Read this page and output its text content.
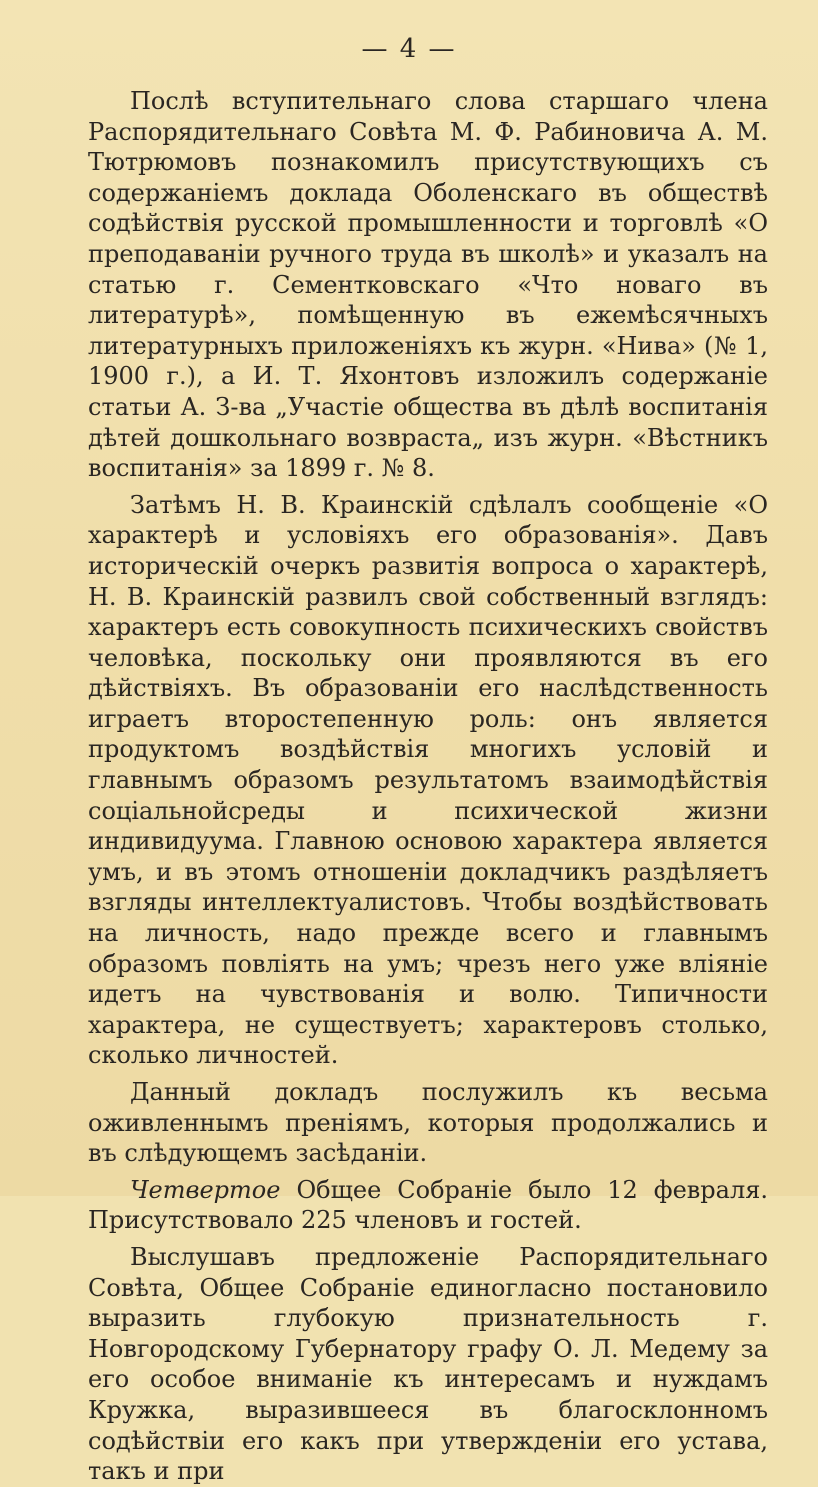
— 4 —

Послѣ вступительнаго слова старшаго члена Распорядительнаго Совѣта М. Ф. Рабиновича А. М. Тютрюмовъ познакомилъ присутствующихъ съ содержаніемъ доклада Оболенскаго въ обществѣ содѣйствія русской промышленности и торговлѣ «О преподаваніи ручного труда въ школѣ» и указалъ на статью г. Сементковскаго «Что новаго въ литературѣ», помѣщенную въ ежемѣсячныхъ литературныхъ приложеніяхъ къ журн. «Нива» (№ 1, 1900 г.), а И. Т. Яхонтовъ изложилъ содержаніе статьи А. З-ва „Участіе общества въ дѣлѣ воспитанія дѣтей дошкольнаго возвраста„ изъ журн. «Вѣстникъ воспитанія» за 1899 г. № 8.

Затѣмъ Н. В. Краинскій сдѣлалъ сообщеніе «О характерѣ и условіяхъ его образованія». Давъ историческій очеркъ развитія вопроса о характерѣ, Н. В. Краинскій развилъ свой собственный взглядъ: характеръ есть совокупность психическихъ свойствъ человѣка, поскольку они проявляются въ его дѣйствіяхъ. Въ образованіи его наслѣдственность играетъ второстепенную роль: онъ является продуктомъ воздѣйствія многихъ условій и главнымъ образомъ результатомъ взаимодѣйствія соціальнойсреды и психической жизни индивидуума. Главною основою характера является умъ, и въ этомъ отношеніи докладчикъ раздѣляетъ взгляды интеллектуалистовъ. Чтобы воздѣйствовать на личность, надо прежде всего и главнымъ образомъ повліять на умъ; чрезъ него уже вліяніе идетъ на чувствованія и волю. Типичности характера, не существуетъ; характеровъ столько, сколько личностей.

Данный докладъ послужилъ къ весьма оживленнымъ преніямъ, которыя продолжались и въ слѣдующемъ засѣданіи.

Четвертое Общее Собраніе было 12 февраля. Присутствовало 225 членовъ и гостей.

Выслушавъ предложеніе Распорядительнаго Совѣта, Общее Собраніе единогласно постановило выразить глубокую признательность г. Новгородскому Губернатору графу О. Л. Медему за его особое вниманіе къ интересамъ и нуждамъ Кружка, выразившееся въ благосклонномъ содѣйствіи его какъ при утвержденіи его устава, такъ и при
